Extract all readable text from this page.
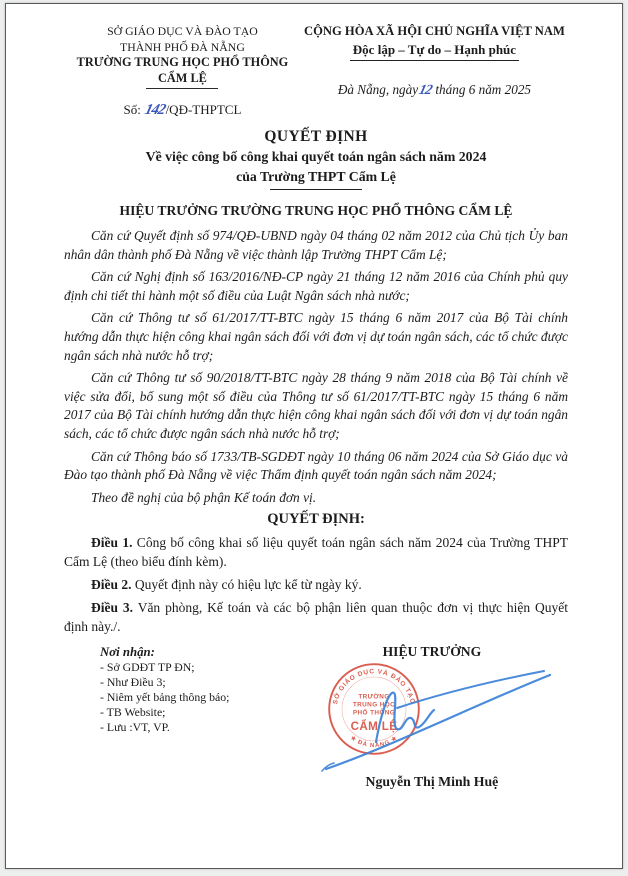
SỞ GIÁO DỤC VÀ ĐÀO TẠO
THÀNH PHỐ ĐÀ NẴNG
TRƯỜNG TRUNG HỌC PHỔ THÔNG
CẨM LỆ
Số: 142/QĐ-THPTCL
CỘNG HÒA XÃ HỘI CHỦ NGHĨA VIỆT NAM
Độc lập – Tự do – Hạnh phúc
Đà Nẵng, ngày12 tháng 6 năm 2025
QUYẾT ĐỊNH
Về việc công bố công khai quyết toán ngân sách năm 2024
của Trường THPT Cẩm Lệ
HIỆU TRƯỞNG TRƯỜNG TRUNG HỌC PHỔ THÔNG CẨM LỆ

Căn cứ Quyết định số 974/QĐ-UBND ngày 04 tháng 02 năm 2012 của Chủ tịch Ủy ban nhân dân thành phố Đà Nẵng về việc thành lập Trường THPT Cẩm Lệ;

Căn cứ Nghị định số 163/2016/NĐ-CP ngày 21 tháng 12 năm 2016 của Chính phủ quy định chi tiết thi hành một số điều của Luật Ngân sách nhà nước;

Căn cứ Thông tư số 61/2017/TT-BTC ngày 15 tháng 6 năm 2017 của Bộ Tài chính hướng dẫn thực hiện công khai ngân sách đối với đơn vị dự toán ngân sách, các tổ chức được ngân sách nhà nước hỗ trợ;

Căn cứ Thông tư số 90/2018/TT-BTC ngày 28 tháng 9 năm 2018 của Bộ Tài chính về việc sửa đổi, bổ sung một số điều của Thông tư số 61/2017/TT-BTC ngày 15 tháng 6 năm 2017 của Bộ Tài chính hướng dẫn thực hiện công khai ngân sách đối với đơn vị dự toán ngân sách, các tổ chức được ngân sách nhà nước hỗ trợ;

Căn cứ Thông báo số 1733/TB-SGDĐT ngày 10 tháng 06 năm 2024 của Sở Giáo dục và Đào tạo thành phố Đà Nẵng về việc Thẩm định quyết toán ngân sách năm 2024;

Theo đề nghị của bộ phận Kế toán đơn vị.

QUYẾT ĐỊNH:

Điều 1. Công bố công khai số liệu quyết toán ngân sách năm 2024 của Trường THPT Cẩm Lệ (theo biểu đính kèm).

Điều 2. Quyết định này có hiệu lực kể từ ngày ký.

Điều 3. Văn phòng, Kế toán và các bộ phận liên quan thuộc đơn vị thực hiện Quyết định này./.

Nơi nhận:
- Sở GDĐT TP ĐN;
- Như Điều 3;
- Niêm yết bảng thông báo;
- TB Website;
- Lưu :VT, VP.
HIỆU TRƯỞNG
SỞ GIÁO DỤC VÀ ĐÀO TẠO
★ ĐÀ NẴNG ★
TRƯỜNG
TRUNG HỌC
PHỔ THÔNG
CẨM LỆ
Nguyễn Thị Minh Huệ
